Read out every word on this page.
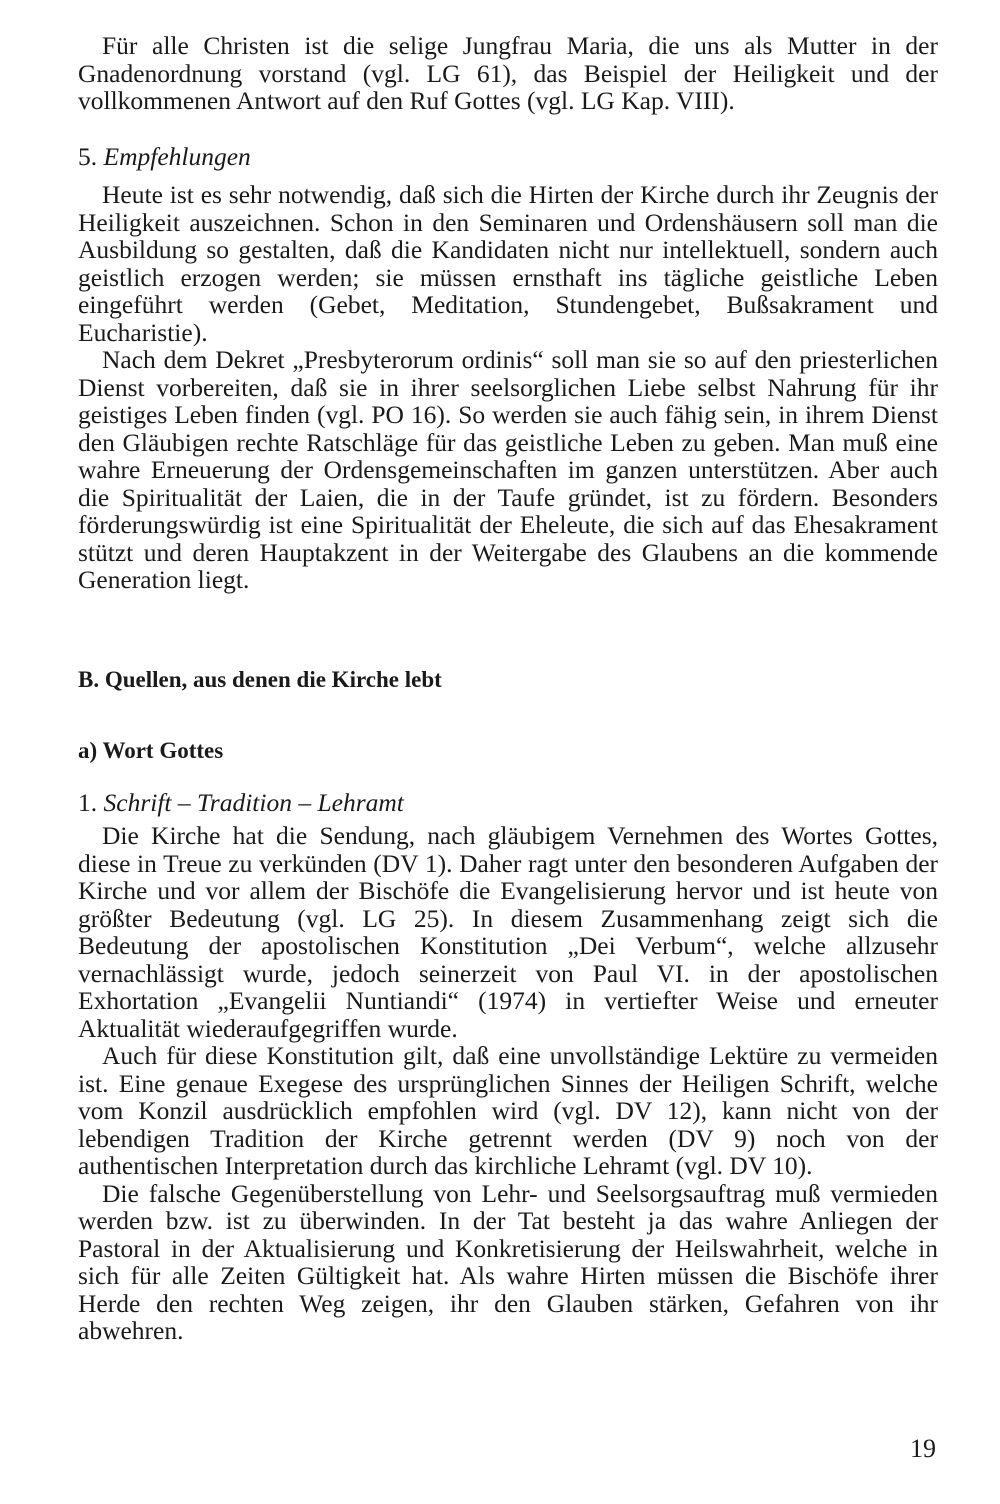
Für alle Christen ist die selige Jungfrau Maria, die uns als Mutter in der Gnadenordnung vorstand (vgl. LG 61), das Beispiel der Heiligkeit und der vollkommenen Antwort auf den Ruf Gottes (vgl. LG Kap. VIII).

5. Empfehlungen

Heute ist es sehr notwendig, daß sich die Hirten der Kirche durch ihr Zeugnis der Heiligkeit auszeichnen. Schon in den Seminaren und Ordenshäusern soll man die Ausbildung so gestalten, daß die Kandidaten nicht nur intellektuell, sondern auch geistlich erzogen werden; sie müssen ernsthaft ins tägliche geistliche Leben eingeführt werden (Gebet, Meditation, Stundengebet, Bußsakrament und Eucharistie).

Nach dem Dekret „Presbyterorum ordinis“ soll man sie so auf den priesterlichen Dienst vorbereiten, daß sie in ihrer seelsorglichen Liebe selbst Nahrung für ihr geistiges Leben finden (vgl. PO 16). So werden sie auch fähig sein, in ihrem Dienst den Gläubigen rechte Ratschläge für das geistliche Leben zu geben. Man muß eine wahre Erneuerung der Ordensgemeinschaften im ganzen unterstützen. Aber auch die Spiritualität der Laien, die in der Taufe gründet, ist zu fördern. Besonders förderungswürdig ist eine Spiritualität der Eheleute, die sich auf das Ehesakrament stützt und deren Hauptakzent in der Weitergabe des Glaubens an die kommende Generation liegt.

B. Quellen, aus denen die Kirche lebt
a) Wort Gottes
1. Schrift – Tradition – Lehramt

Die Kirche hat die Sendung, nach gläubigem Vernehmen des Wortes Gottes, diese in Treue zu verkünden (DV 1). Daher ragt unter den besonderen Aufgaben der Kirche und vor allem der Bischöfe die Evangelisierung hervor und ist heute von größter Bedeutung (vgl. LG 25). In diesem Zusammenhang zeigt sich die Bedeutung der apostolischen Konstitution „Dei Verbum“, welche allzusehr vernachlässigt wurde, jedoch seinerzeit von Paul VI. in der apostolischen Exhortation „Evangelii Nuntiandi“ (1974) in vertiefter Weise und erneuter Aktualität wiederaufgegriffen wurde.

Auch für diese Konstitution gilt, daß eine unvollständige Lektüre zu vermeiden ist. Eine genaue Exegese des ursprünglichen Sinnes der Heiligen Schrift, welche vom Konzil ausdrücklich empfohlen wird (vgl. DV 12), kann nicht von der lebendigen Tradition der Kirche getrennt werden (DV 9) noch von der authentischen Interpretation durch das kirchliche Lehramt (vgl. DV 10).

Die falsche Gegenüberstellung von Lehr- und Seelsorgsauftrag muß vermieden werden bzw. ist zu überwinden. In der Tat besteht ja das wahre Anliegen der Pastoral in der Aktualisierung und Konkretisierung der Heilswahrheit, welche in sich für alle Zeiten Gültigkeit hat. Als wahre Hirten müssen die Bischöfe ihrer Herde den rechten Weg zeigen, ihr den Glauben stärken, Gefahren von ihr abwehren.

19
